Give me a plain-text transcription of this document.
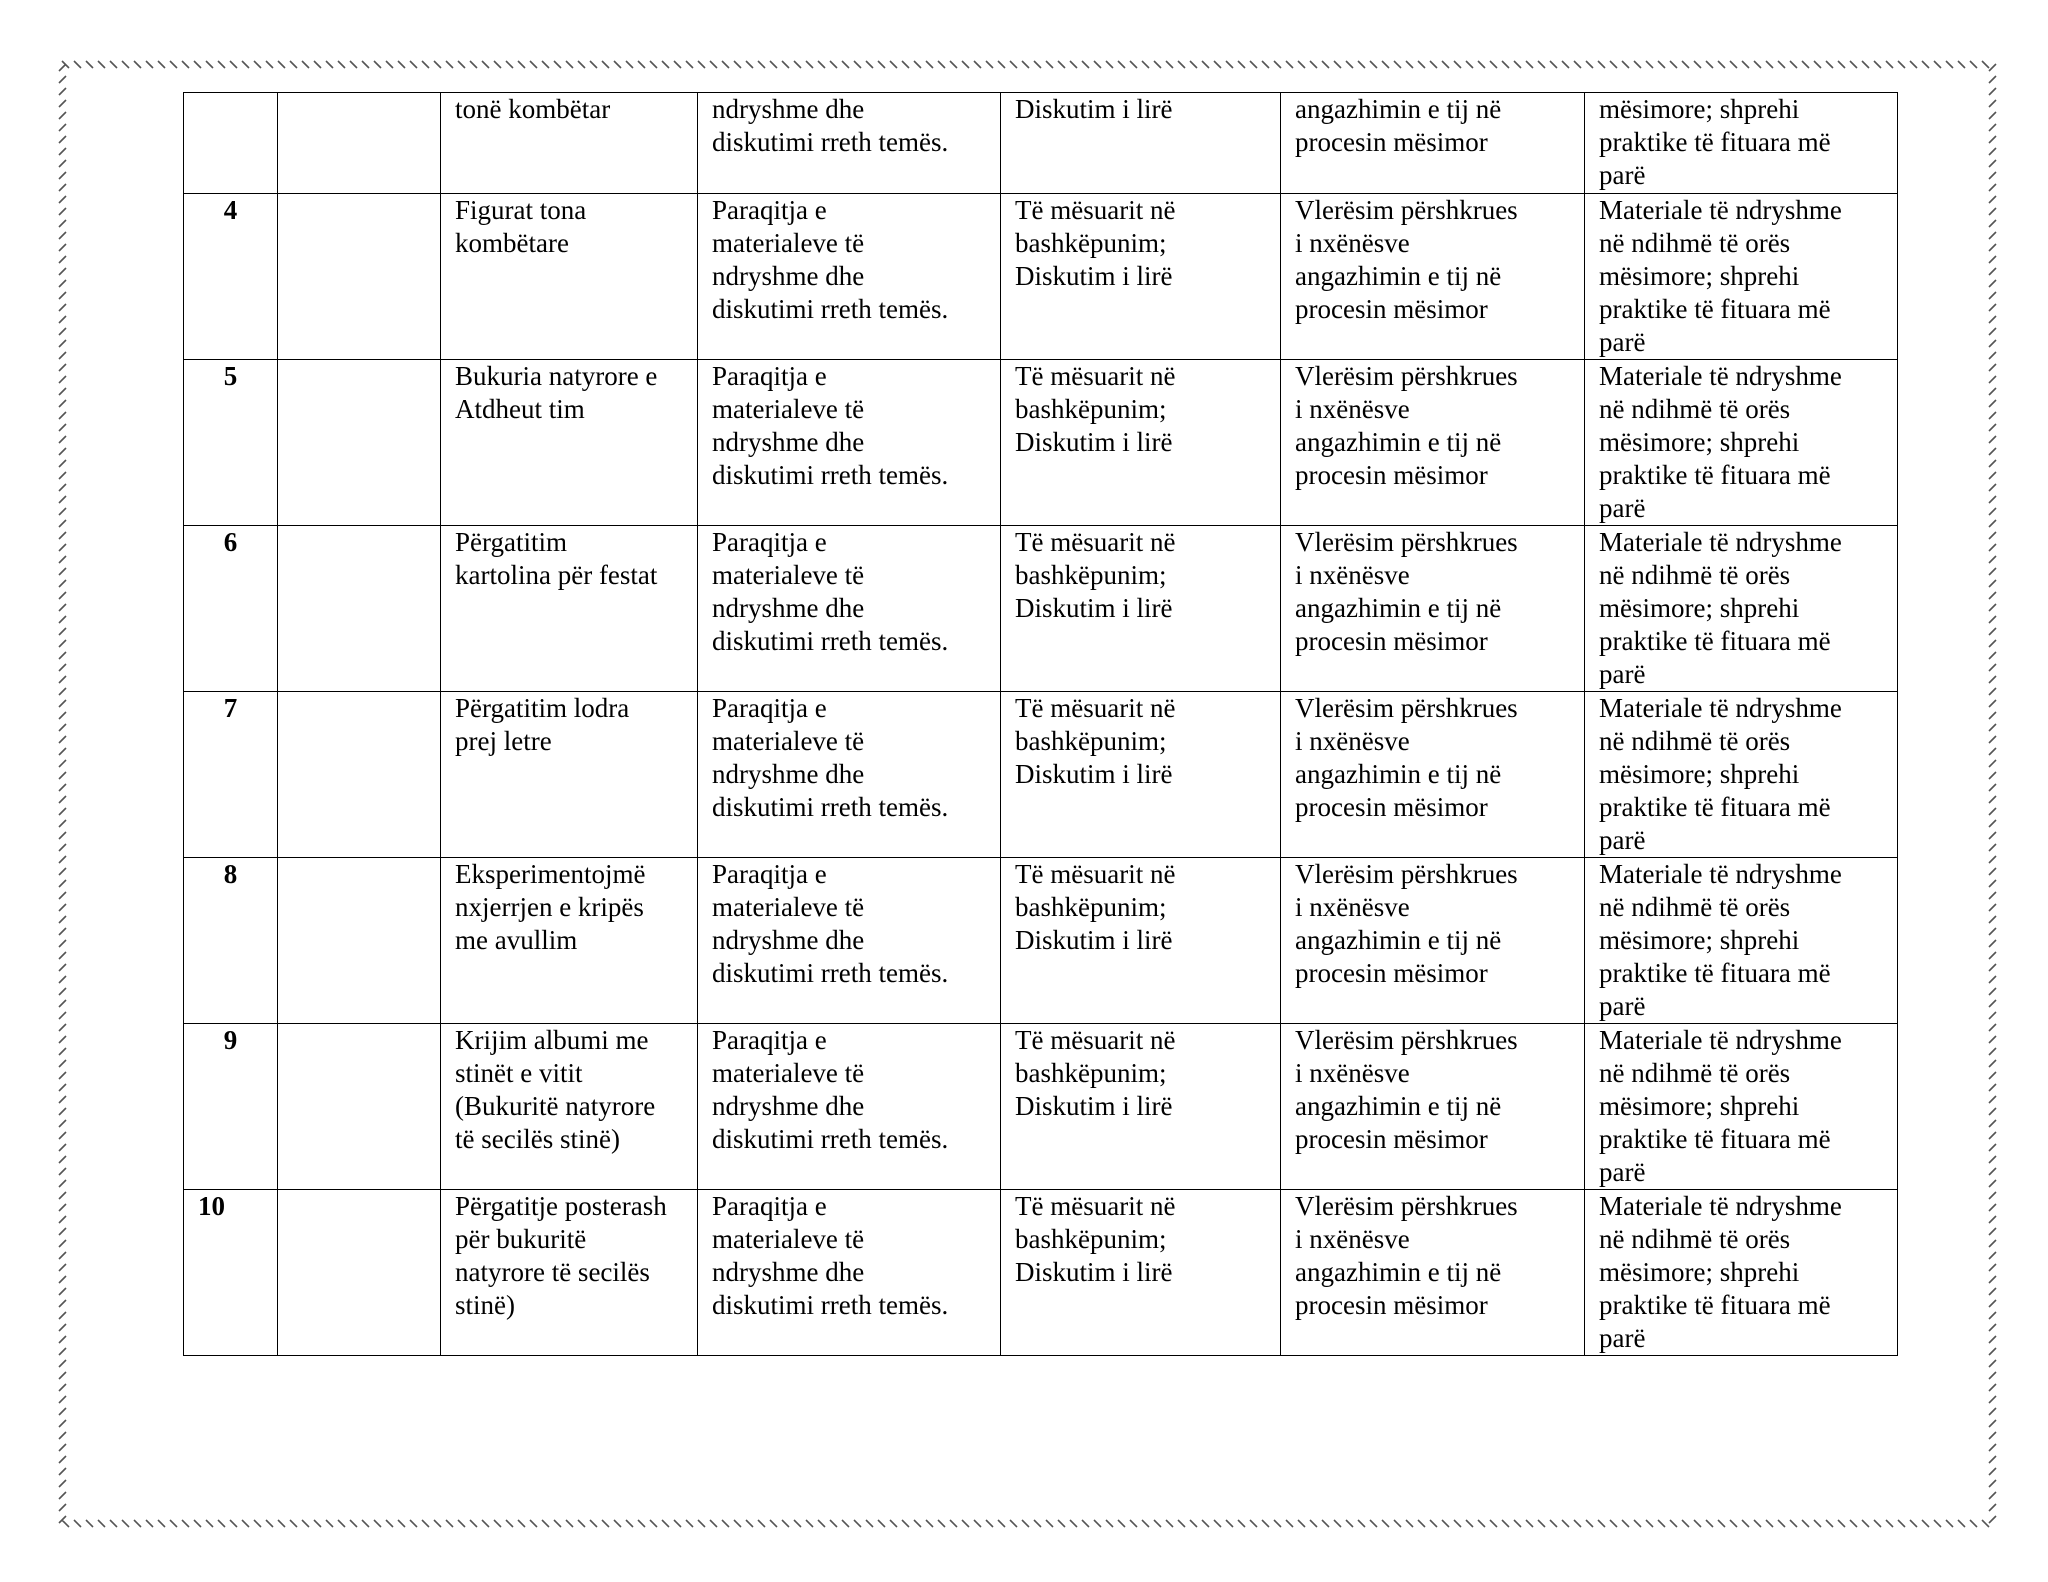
		tonë kombëtar	ndryshme dhe
diskutimi rreth temës.	Diskutim i lirë	angazhimin e tij në
procesin mësimor	mësimore; shprehi
praktike të fituara më
parë
4		Figurat tona
kombëtare	Paraqitja e
materialeve të
ndryshme dhe
diskutimi rreth temës.	Të mësuarit në
bashkëpunim;
Diskutim i lirë	Vlerësim përshkrues
i nxënësve
angazhimin e tij në
procesin mësimor	Materiale të ndryshme
në ndihmë të orës
mësimore; shprehi
praktike të fituara më
parë
5		Bukuria natyrore e
Atdheut tim	Paraqitja e
materialeve të
ndryshme dhe
diskutimi rreth temës.	Të mësuarit në
bashkëpunim;
Diskutim i lirë	Vlerësim përshkrues
i nxënësve
angazhimin e tij në
procesin mësimor	Materiale të ndryshme
në ndihmë të orës
mësimore; shprehi
praktike të fituara më
parë
6		Përgatitim
kartolina për festat	Paraqitja e
materialeve të
ndryshme dhe
diskutimi rreth temës.	Të mësuarit në
bashkëpunim;
Diskutim i lirë	Vlerësim përshkrues
i nxënësve
angazhimin e tij në
procesin mësimor	Materiale të ndryshme
në ndihmë të orës
mësimore; shprehi
praktike të fituara më
parë
7		Përgatitim lodra
prej letre	Paraqitja e
materialeve të
ndryshme dhe
diskutimi rreth temës.	Të mësuarit në
bashkëpunim;
Diskutim i lirë	Vlerësim përshkrues
i nxënësve
angazhimin e tij në
procesin mësimor	Materiale të ndryshme
në ndihmë të orës
mësimore; shprehi
praktike të fituara më
parë
8		Eksperimentojmë
nxjerrjen e kripës
me avullim	Paraqitja e
materialeve të
ndryshme dhe
diskutimi rreth temës.	Të mësuarit në
bashkëpunim;
Diskutim i lirë	Vlerësim përshkrues
i nxënësve
angazhimin e tij në
procesin mësimor	Materiale të ndryshme
në ndihmë të orës
mësimore; shprehi
praktike të fituara më
parë
9		Krijim albumi me
stinët e vitit
(Bukuritë natyrore
të secilës stinë)	Paraqitja e
materialeve të
ndryshme dhe
diskutimi rreth temës.	Të mësuarit në
bashkëpunim;
Diskutim i lirë	Vlerësim përshkrues
i nxënësve
angazhimin e tij në
procesin mësimor	Materiale të ndryshme
në ndihmë të orës
mësimore; shprehi
praktike të fituara më
parë
10		Përgatitje posterash
për bukuritë
natyrore të secilës
stinë)	Paraqitja e
materialeve të
ndryshme dhe
diskutimi rreth temës.	Të mësuarit në
bashkëpunim;
Diskutim i lirë	Vlerësim përshkrues
i nxënësve
angazhimin e tij në
procesin mësimor	Materiale të ndryshme
në ndihmë të orës
mësimore; shprehi
praktike të fituara më
parë
